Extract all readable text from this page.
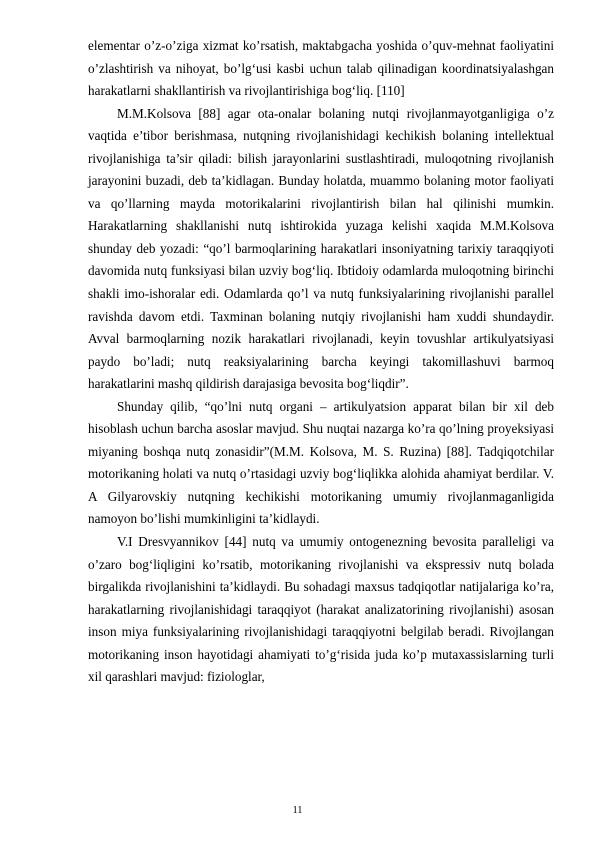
elementar o’z-o’ziga xizmat ko’rsatish, maktabgacha yoshida o’quv-mehnat faoliyatini o’zlashtirish va nihoyat, bo’lg‘usi kasbi uchun talab qilinadigan koordinatsiyalashgan harakatlarni shakllantirish va rivojlantirishiga bog‘liq. [110]

M.M.Kolsova [88] agar ota-onalar bolaning nutqi rivojlanmayotganligiga o’z vaqtida e’tibor berishmasa, nutqning rivojlanishidagi kechikish bolaning intellektual rivojlanishiga ta’sir qiladi: bilish jarayonlarini sustlashtiradi, muloqotning rivojlanish jarayonini buzadi, deb ta’kidlagan. Bunday holatda, muammo bolaning motor faoliyati va qo’llarning mayda motorikalarini rivojlantirish bilan hal qilinishi mumkin. Harakatlarning shakllanishi nutq ishtirokida yuzaga kelishi xaqida M.M.Kolsova shunday deb yozadi: “qo’l barmoqlarining harakatlari insoniyatning tarixiy taraqqiyoti davomida nutq funksiyasi bilan uzviy bog‘liq. Ibtidoiy odamlarda muloqotning birinchi shakli imo-ishoralar edi. Odamlarda qo’l va nutq funksiyalarining rivojlanishi parallel ravishda davom etdi. Taxminan bolaning nutqiy rivojlanishi ham xuddi shundaydir. Avval barmoqlarning nozik harakatlari rivojlanadi, keyin tovushlar artikulyatsiyasi paydo bo’ladi; nutq reaksiyalarining barcha keyingi takomillashuvi barmoq harakatlarini mashq qildirish darajasiga bevosita bog‘liqdir”.

Shunday qilib, “qo’lni nutq organi – artikulyatsion apparat bilan bir xil deb hisoblash uchun barcha asoslar mavjud. Shu nuqtai nazarga ko’ra qo’lning proyeksiyasi miyaning boshqa nutq zonasidir”(M.M. Kolsova, M. S. Ruzina) [88]. Tadqiqotchilar motorikaning holati va nutq o’rtasidagi uzviy bog‘liqlikka alohida ahamiyat berdilar. V. A Gilyarovskiy nutqning kechikishi motorikaning umumiy rivojlanmaganligida namoyon bo’lishi mumkinligini ta’kidlaydi.

V.I Dresvyannikov [44] nutq va umumiy ontogenezning bevosita paralleligi va o’zaro bog‘liqligini ko’rsatib, motorikaning rivojlanishi va ekspressiv nutq bolada birgalikda rivojlanishini ta’kidlaydi. Bu sohadagi maxsus tadqiqotlar natijalariga ko’ra, harakatlarning rivojlanishidagi taraqqiyot (harakat analizatorining rivojlanishi) asosan inson miya funksiyalarining rivojlanishidagi taraqqiyotni belgilab beradi. Rivojlangan motorikaning inson hayotidagi ahamiyati to’g‘risida juda ko’p mutaxassislarning turli xil qarashlari mavjud: fiziologlar,

11
